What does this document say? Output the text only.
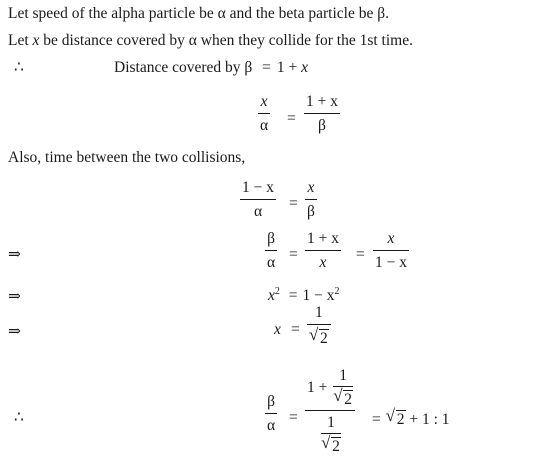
Let speed of the alpha particle be α and the beta particle be β.
Let x be distance covered by α when they collide for the 1st time.
∴	Distance covered by β = 1 + x
x
α =
1 + x
β
Also, time between the two collisions,
1 − x
α =
x
β
⇒
β
α =
1 + x
x =
x
1 − x
⇒	$x^2 = 1 - x^2$
⇒	x =
1
√ 2
∴
β
α =
$1 + \frac{1}{√ 2}$
$\frac{1}{√ 2}$ = √ 2 + 1 : 1
